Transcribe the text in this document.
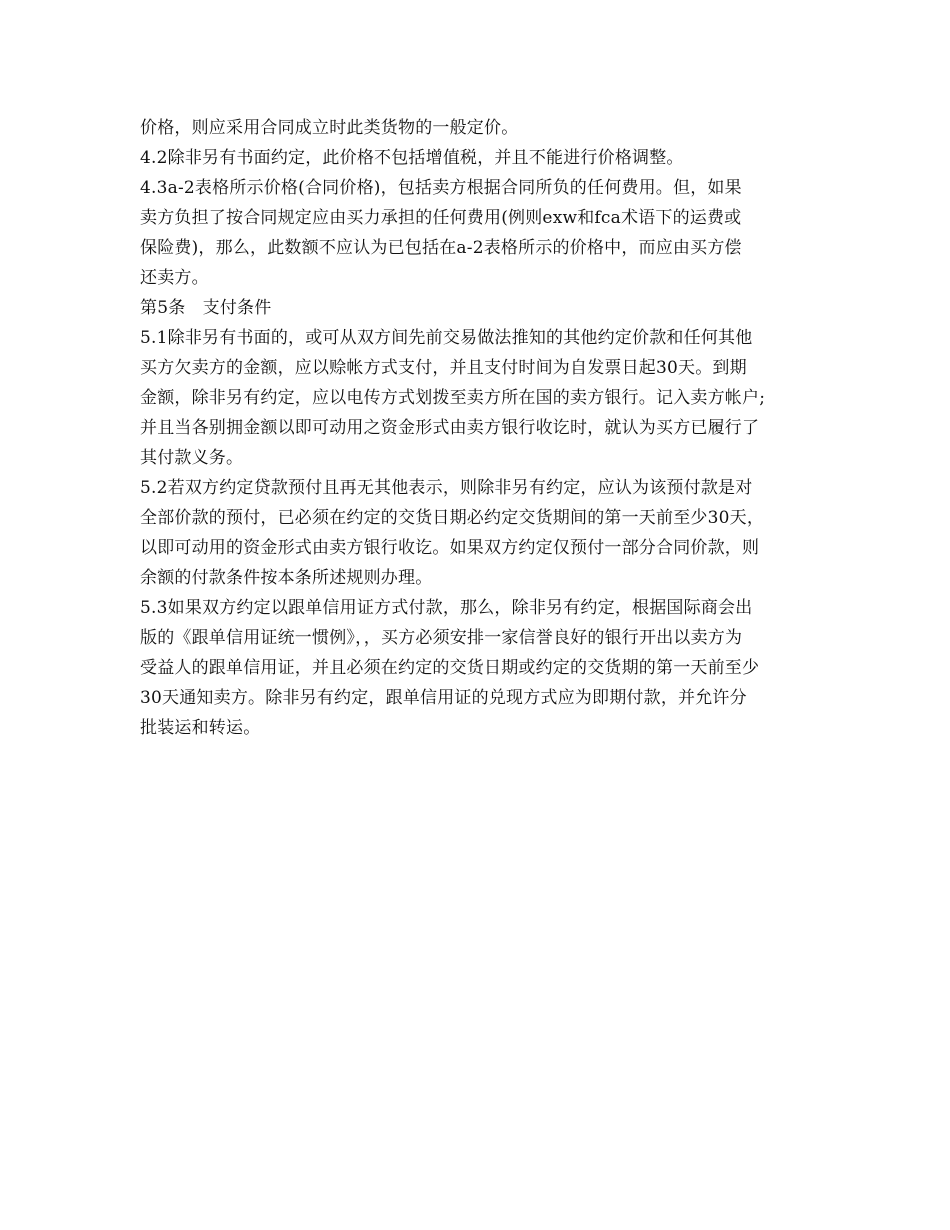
价格，则应采用合同成立时此类货物的一般定价。
4.2除非另有书面约定，此价格不包括增值税，并且不能进行价格调整。
4.3a-2表格所示价格(合同价格)，包括卖方根据合同所负的任何费用。但，如果
卖方负担了按合同规定应由买力承担的任何费用(例则exw和fca术语下的运费或
保险费)，那么，此数额不应认为已包括在a-2表格所示的价格中，而应由买方偿
还卖方。
第5条　支付条件
5.1除非另有书面的，或可从双方间先前交易做法推知的其他约定价款和任何其他
买方欠卖方的金额，应以赊帐方式支付，并且支付时间为自发票日起30天。到期
金额，除非另有约定，应以电传方式划拨至卖方所在国的卖方银行。记入卖方帐户;
并且当各别拥金额以即可动用之资金形式由卖方银行收讫时，就认为买方已履行了
其付款义务。
5.2若双方约定贷款预付且再无其他表示，则除非另有约定，应认为该预付款是对
全部价款的预付，已必须在约定的交货日期必约定交货期间的第一天前至少30天，
以即可动用的资金形式由卖方银行收讫。如果双方约定仅预付一部分合同价款，则
余额的付款条件按本条所述规则办理。
5.3如果双方约定以跟单信用证方式付款，那么，除非另有约定，根据国际商会出
版的《跟单信用证统一惯例》，，买方必须安排一家信誉良好的银行开出以卖方为
受益人的跟单信用证，并且必须在约定的交货日期或约定的交货期的第一天前至少
30天通知卖方。除非另有约定，跟单信用证的兑现方式应为即期付款，并允许分
批装运和转运。
